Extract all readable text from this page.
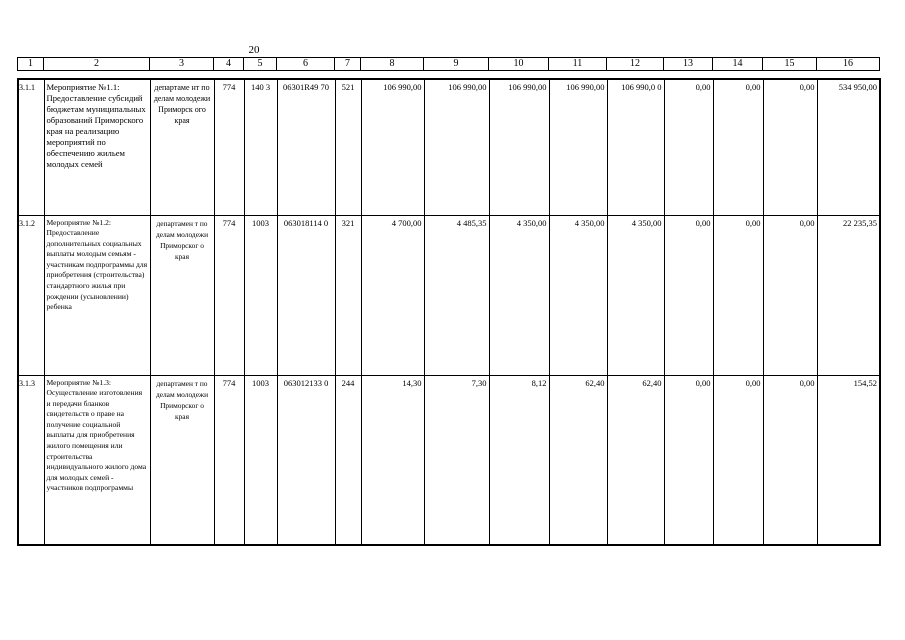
20
1	2	3	4	5	6	7	8	9	10	11	12	13	14	15	16
3.1.1	Мероприятие №1.1: Предоставление субсидий бюджетам муниципальных образований Приморского края на реализацию мероприятий по обеспечению жильем молодых семей	департаме нт по делам молодежи Приморск ого края	774	140 3	06301R49 70	521	106 990,00	106 990,00	106 990,00	106 990,00	106 990,0 0	0,00	0,00	0,00	534 950,00
3.1.2	Мероприятие №1.2: Предоставление дополнительных социальных выплаты молодым семьям - участникам подпрограммы для приобретения (строительства) стандартного жилья при рождении (усыновлении) ребенка	департамен т по делам молодежи Приморског о края	774	1003	063018114 0	321	4 700,00	4 485,35	4 350,00	4 350,00	4 350,00	0,00	0,00	0,00	22 235,35
3.1.3	Мероприятие №1.3: Осуществление изготовления и передачи бланков свидетельств о праве на получение социальной выплаты для приобретения жилого помещения или строительства индивидуального жилого дома для молодых семей - участников подпрограммы	департамен т по делам молодежи Приморског о края	774	1003	063012133 0	244	14,30	7,30	8,12	62,40	62,40	0,00	0,00	0,00	154,52
